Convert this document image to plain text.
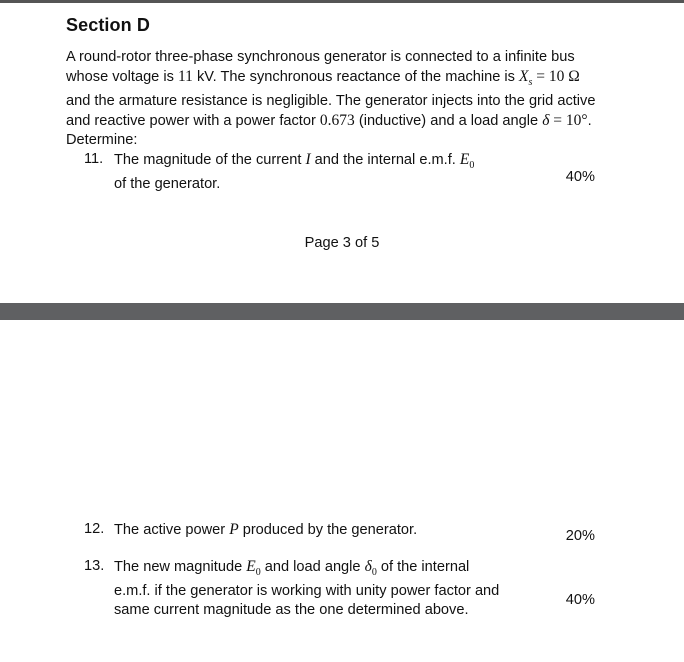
Section D

A round-rotor three-phase synchronous generator is connected to a infinite bus whose voltage is 11 kV. The synchronous reactance of the machine is $X_s = 10$ Ω and the armature resistance is negligible. The generator injects into the grid active and reactive power with a power factor 0.673 (inductive) and a load angle δ = 10°. Determine:

11. The magnitude of the current I and the internal e.m.f. $E_0$
of the generator.	40%
Page 3 of 5
12. The active power P produced by the generator.	20%
13. The new magnitude $E_0$ and load angle $\delta_0$ of the internal e.m.f. if the generator is working with unity power factor and same current magnitude as the one determined above.
40%
